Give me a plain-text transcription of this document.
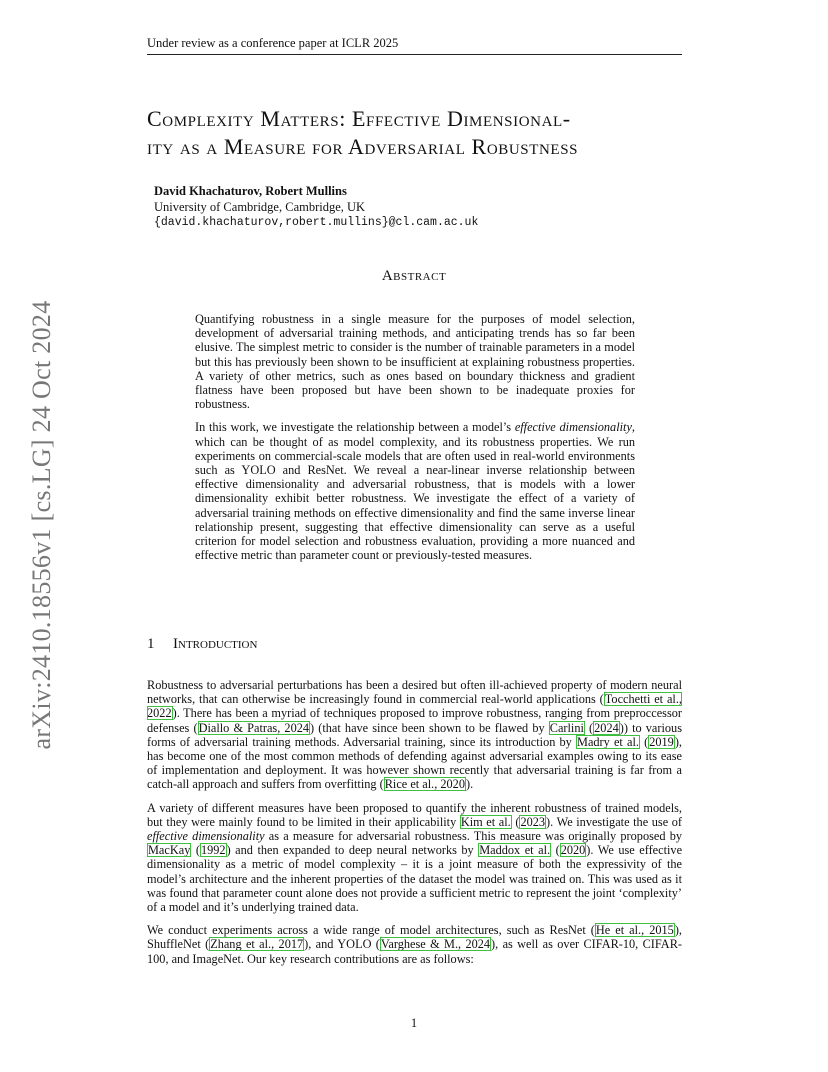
Under review as a conference paper at ICLR 2025
arXiv:2410.18556v1 [cs.LG] 24 Oct 2024
Complexity Matters: Effective Dimensional-
ity as a Measure for Adversarial Robustness
David Khachaturov, Robert Mullins
University of Cambridge, Cambridge, UK
{david.khachaturov,robert.mullins}@cl.cam.ac.uk
Abstract

Quantifying robustness in a single measure for the purposes of model selection, development of adversarial training methods, and anticipating trends has so far been elusive. The simplest metric to consider is the number of trainable parameters in a model but this has previously been shown to be insufficient at explaining robustness properties. A variety of other metrics, such as ones based on boundary thickness and gradient flatness have been proposed but have been shown to be inadequate proxies for robustness.

In this work, we investigate the relationship between a model’s effective dimensionality, which can be thought of as model complexity, and its robustness properties. We run experiments on commercial-scale models that are often used in real-world environments such as YOLO and ResNet. We reveal a near-linear inverse relationship between effective dimensionality and adversarial robustness, that is models with a lower dimensionality exhibit better robustness. We investigate the effect of a variety of adversarial training methods on effective dimensionality and find the same inverse linear relationship present, suggesting that effective dimensionality can serve as a useful criterion for model selection and robustness evaluation, providing a more nuanced and effective metric than parameter count or previously-tested measures.

1 Introduction

Robustness to adversarial perturbations has been a desired but often ill-achieved property of modern neural networks, that can otherwise be increasingly found in commercial real-world applications (Tocchetti et al., 2022). There has been a myriad of techniques proposed to improve robustness, ranging from preproccessor defenses (Diallo & Patras, 2024) (that have since been shown to be flawed by Carlini (2024)) to various forms of adversarial training methods. Adversarial training, since its introduction by Madry et al. (2019), has become one of the most common methods of defending against adversarial examples owing to its ease of implementation and deployment. It was however shown recently that adversarial training is far from a catch-all approach and suffers from overfitting (Rice et al., 2020).

A variety of different measures have been proposed to quantify the inherent robustness of trained models, but they were mainly found to be limited in their applicability Kim et al. (2023). We investigate the use of effective dimensionality as a measure for adversarial robustness. This measure was originally proposed by MacKay (1992) and then expanded to deep neural networks by Maddox et al. (2020). We use effective dimensionality as a metric of model complexity – it is a joint measure of both the expressivity of the model’s architecture and the inherent properties of the dataset the model was trained on. This was used as it was found that parameter count alone does not provide a sufficient metric to represent the joint ‘complexity’ of a model and it’s underlying trained data.

We conduct experiments across a wide range of model architectures, such as ResNet (He et al., 2015), ShuffleNet (Zhang et al., 2017), and YOLO (Varghese & M., 2024), as well as over CIFAR-10, CIFAR-100, and ImageNet. Our key research contributions are as follows:

1
